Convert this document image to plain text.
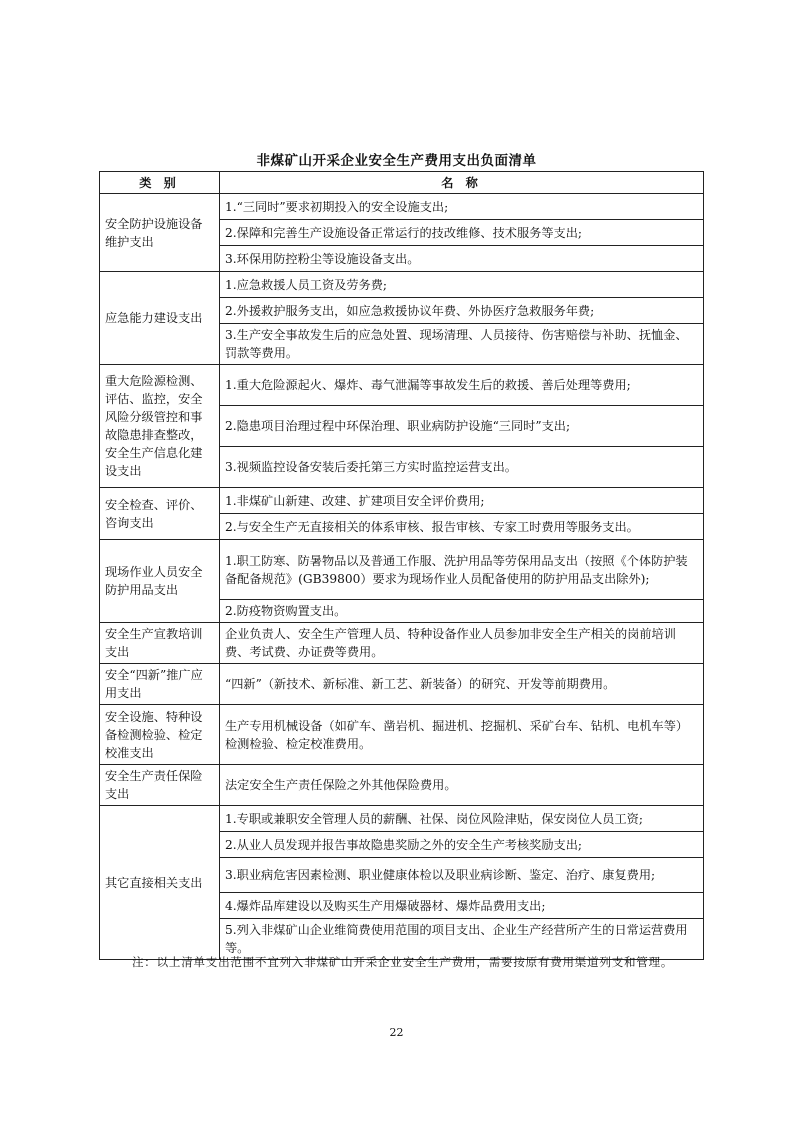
非煤矿山开采企业安全生产费用支出负面清单
类 别	名 称
安全防护设施设备维护支出	1.“三同时”要求初期投入的安全设施支出;
	2.保障和完善生产设施设备正常运行的技改维修、技术服务等支出;
	3.环保用防控粉尘等设施设备支出。
应急能力建设支出	1.应急救援人员工资及劳务费;
	2.外援救护服务支出，如应急救援协议年费、外协医疗急救服务年费;
	3.生产安全事故发生后的应急处置、现场清理、人员接待、伤害赔偿与补助、抚恤金、罚款等费用。
重大危险源检测、评估、监控，安全风险分级管控和事故隐患排查整改，安全生产信息化建设支出	1.重大危险源起火、爆炸、毒气泄漏等事故发生后的救援、善后处理等费用;
	2.隐患项目治理过程中环保治理、职业病防护设施“三同时”支出;
	3.视频监控设备安装后委托第三方实时监控运营支出。
安全检查、评价、咨询支出	1.非煤矿山新建、改建、扩建项目安全评价费用;
	2.与安全生产无直接相关的体系审核、报告审核、专家工时费用等服务支出。
现场作业人员安全防护用品支出	1.职工防寒、防暑物品以及普通工作服、洗护用品等劳保用品支出（按照《个体防护装备配备规范》(GB39800）要求为现场作业人员配备使用的防护用品支出除外);
	2.防疫物资购置支出。
安全生产宣教培训支出	企业负责人、安全生产管理人员、特种设备作业人员参加非安全生产相关的岗前培训费、考试费、办证费等费用。
安全“四新”推广应用支出	“四新”（新技术、新标准、新工艺、新装备）的研究、开发等前期费用。
安全设施、特种设备检测检验、检定校准支出	生产专用机械设备（如矿车、凿岩机、掘进机、挖掘机、采矿台车、钻机、电机车等）检测检验、检定校准费用。
安全生产责任保险支出	法定安全生产责任保险之外其他保险费用。
其它直接相关支出	1.专职或兼职安全管理人员的薪酬、社保、岗位风险津贴，保安岗位人员工资;
	2.从业人员发现并报告事故隐患奖励之外的安全生产考核奖励支出;
	3.职业病危害因素检测、职业健康体检以及职业病诊断、鉴定、治疗、康复费用;
	4.爆炸品库建设以及购买生产用爆破器材、爆炸品费用支出;
	5.列入非煤矿山企业维简费使用范围的项目支出、企业生产经营所产生的日常运营费用等。
注：以上清单支出范围不宜列入非煤矿山开采企业安全生产费用，需要按原有费用渠道列支和管理。
22
